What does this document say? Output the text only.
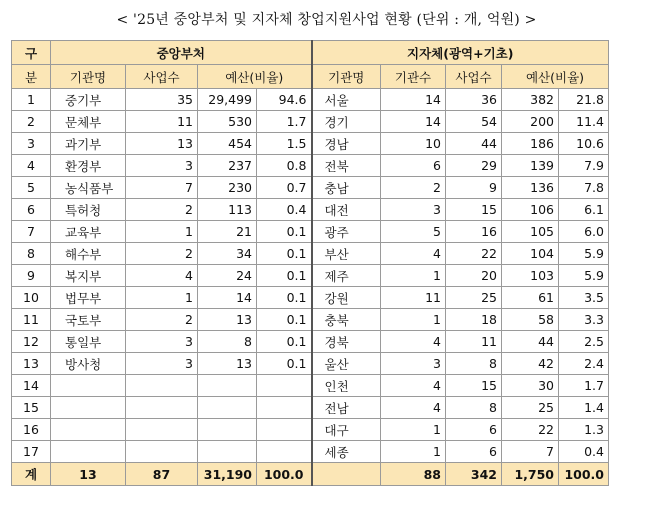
< '25년 중앙부처 및 지자체 창업지원사업 현황 (단위 : 개, 억원) >
구	중앙부처				지자체(광역+기초)				
분	기관명	사업수	예산(비율)		기관명	기관수	사업수	예산(비율)	
1	중기부	35	29,499	94.6	서울	14	36	382	21.8
2	문체부	11	530	1.7	경기	14	54	200	11.4
3	과기부	13	454	1.5	경남	10	44	186	10.6
4	환경부	3	237	0.8	전북	6	29	139	7.9
5	농식품부	7	230	0.7	충남	2	9	136	7.8
6	특허청	2	113	0.4	대전	3	15	106	6.1
7	교육부	1	21	0.1	광주	5	16	105	6.0
8	해수부	2	34	0.1	부산	4	22	104	5.9
9	복지부	4	24	0.1	제주	1	20	103	5.9
10	법무부	1	14	0.1	강원	11	25	61	3.5
11	국토부	2	13	0.1	충북	1	18	58	3.3
12	통일부	3	8	0.1	경북	4	11	44	2.5
13	방사청	3	13	0.1	울산	3	8	42	2.4
14					인천	4	15	30	1.7
15					전남	4	8	25	1.4
16					대구	1	6	22	1.3
17					세종	1	6	7	0.4
계	13	87	31,190	100.0		88	342	1,750	100.0
